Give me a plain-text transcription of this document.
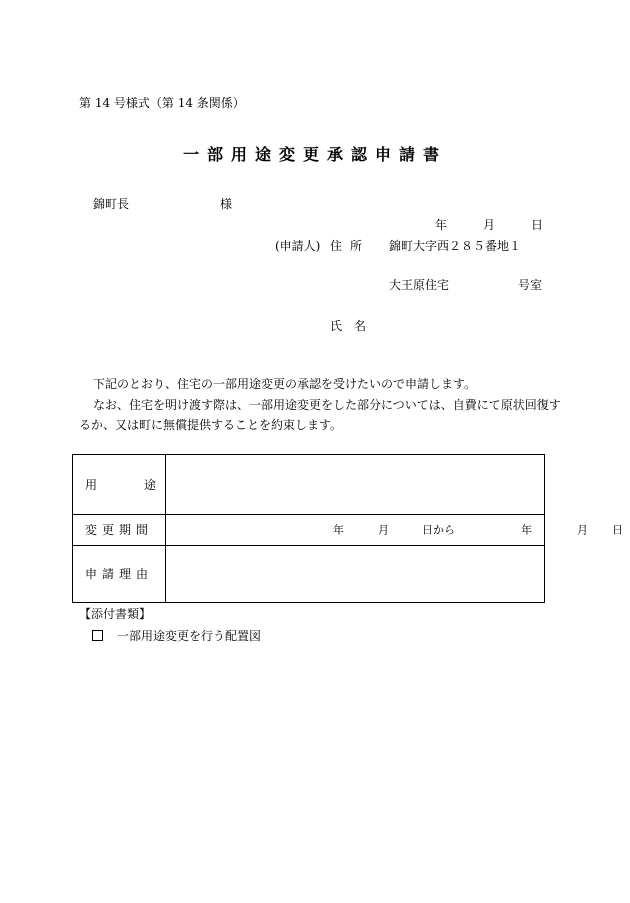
第 14 号様式（第 14 条関係）
一部用途変更承認申請書
錦町長	様
年	月	日
(申請人) 住所 錦町大字西２８５番地１
大王原住宅	号室
氏名
下記のとおり、住宅の一部用途変更の承認を受けたいので申請します。
なお、住宅を明け渡す際は、一部用途変更をした部分については、自費にて原状回復す
るか、又は町に無償提供することを約束します。
用	途
変更期間	年	月	日から	年	月 日
申請理由
【添付書類】
一部用途変更を行う配置図
